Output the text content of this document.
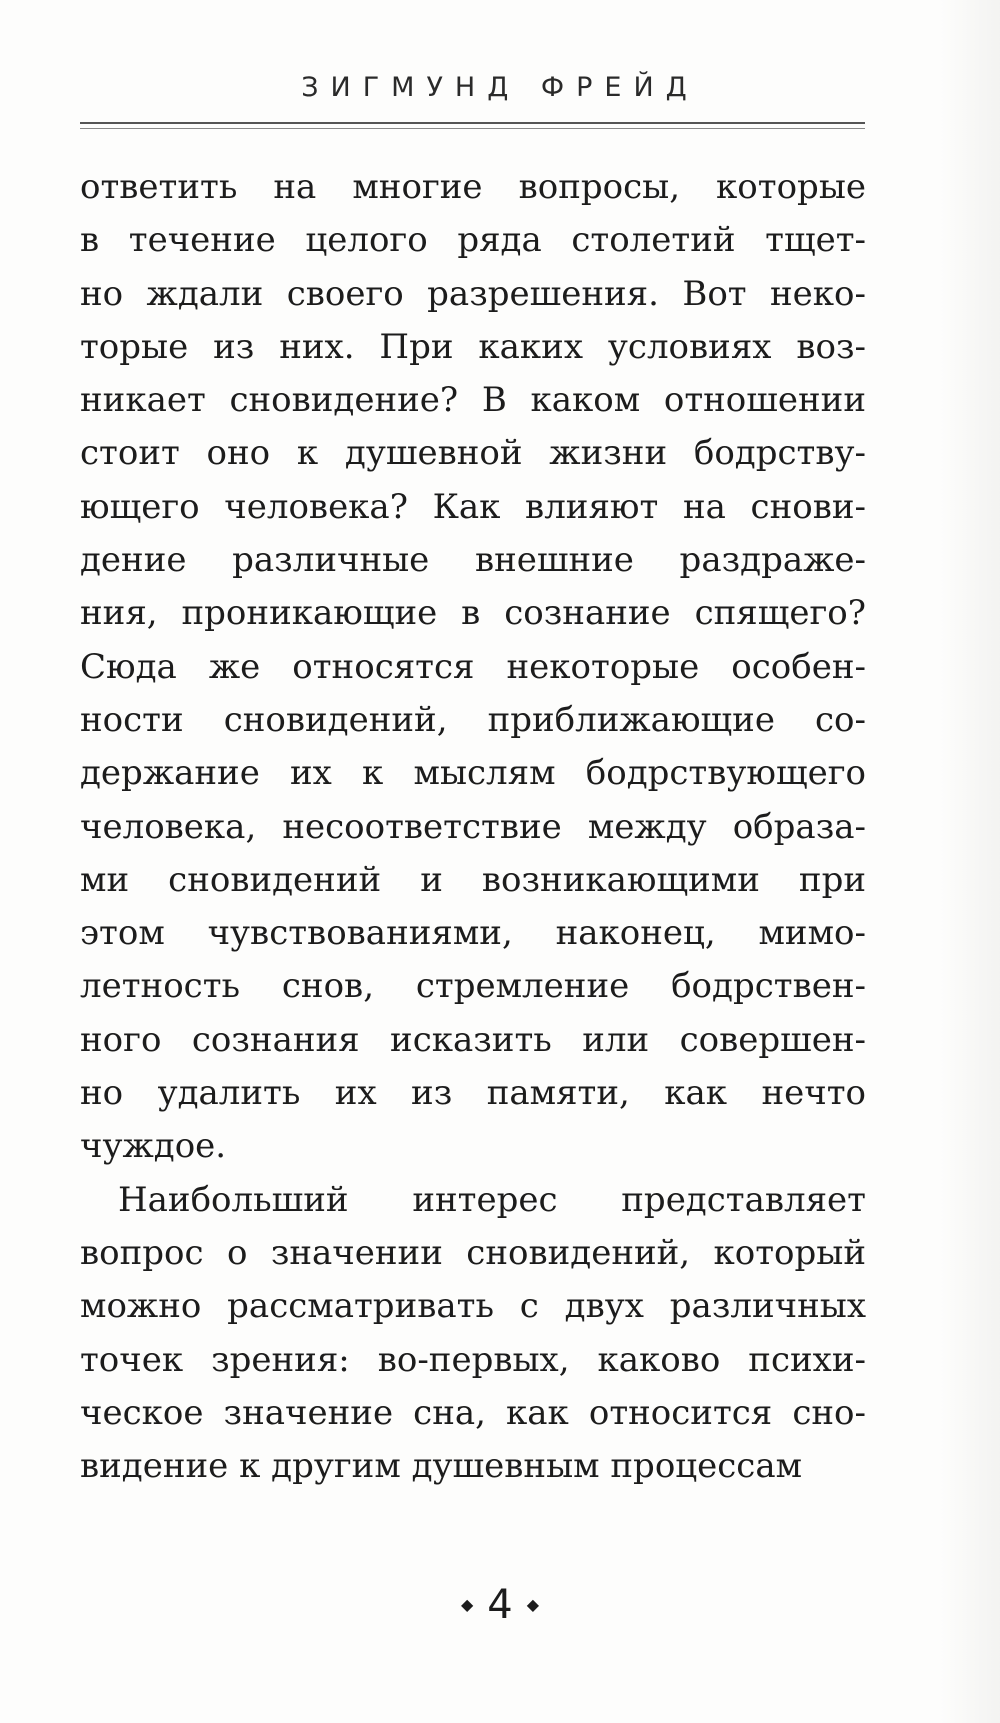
ЗИГМУНД ФРЕЙД
ответить на многие вопросы, которые
в течение целого ряда столетий тщет-
но ждали своего разрешения. Вот неко-
торые из них. При каких условиях воз-
никает сновидение? В каком отношении
стоит оно к душевной жизни бодрству-
ющего человека? Как влияют на снови-
дение различные внешние раздраже-
ния, проникающие в сознание спящего?
Сюда же относятся некоторые особен-
ности сновидений, приближающие со-
держание их к мыслям бодрствующего
человека, несоответствие между образа-
ми сновидений и возникающими при
этом чувствованиями, наконец, мимо-
летность снов, стремление бодрствен-
ного сознания исказить или совершен-
но удалить их из памяти, как нечто
чуждое.
Наибольший интерес представляет
вопрос о значении сновидений, который
можно рассматривать с двух различных
точек зрения: во-первых, каково психи-
ческое значение сна, как относится сно-
видение к другим душевным процессам
◆ 4 ◆
